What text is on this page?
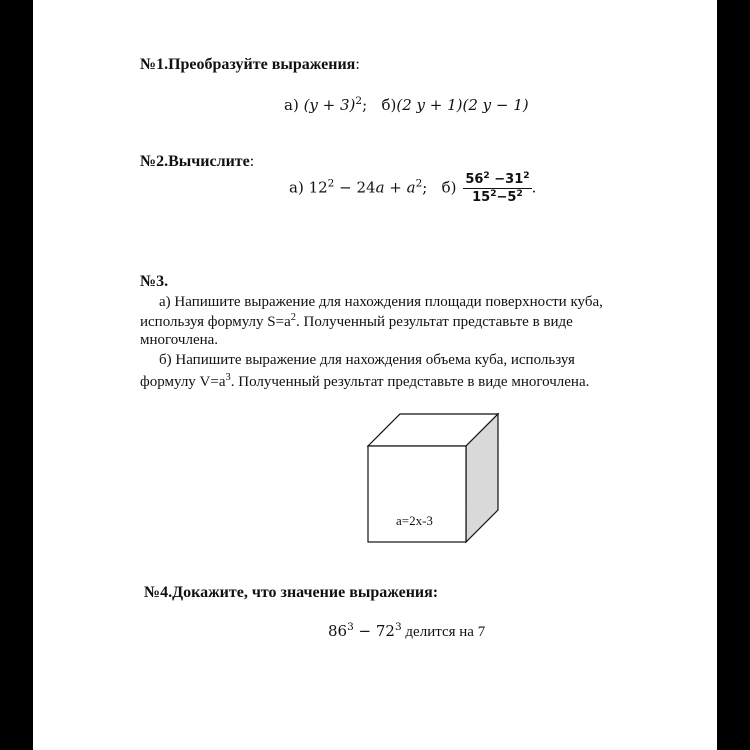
№1.Преобразуйте выражения:
а) $(y + 3)^2$; б)(2 y + 1)(2 y − 1)
№2.Вычислите:
а) $12^2 - 24a + a^2$; $б) \frac{56^2 -31^2}{15^2-5^2}$ .
№3.
а) Напишите выражение для нахождения площади поверхности куба,
используя формулу $S=a^2$. Полученный результат представьте в виде
многочлена.
б) Напишите выражение для нахождения объема куба, используя
формулу $V=a^3$. Полученный результат представьте в виде многочлена.
a=2x-3
№4.Докажите, что значение выражения:
$86^3 - 72^3$ делится на 7
